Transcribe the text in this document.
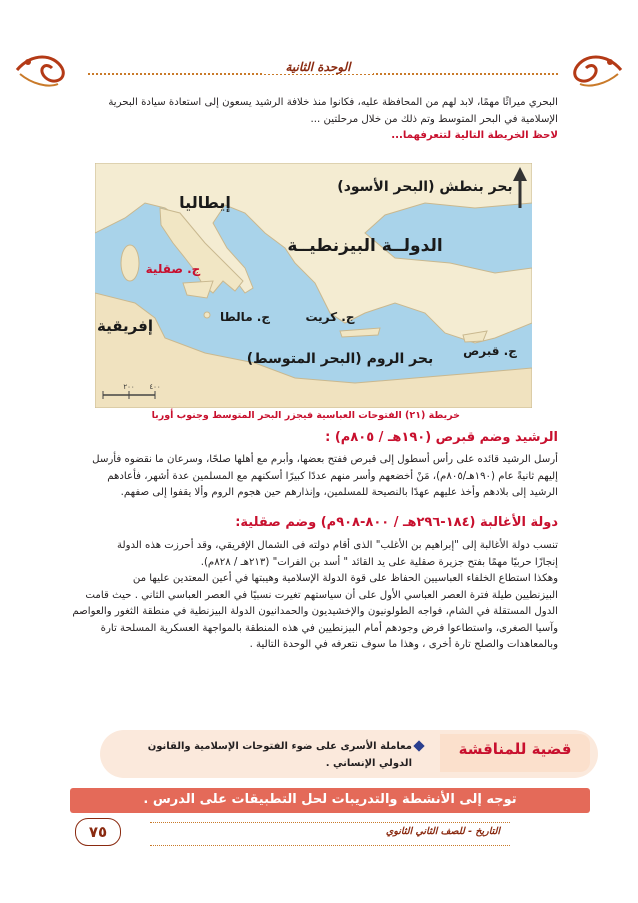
الوحدة الثانية
البحري ميراثًا مهمًا، لابد لهم من المحافظة عليه، فكانوا منذ خلافة الرشيد يسعون إلى استعادة سيادة البحرية
الإسلامية في البحر المتوسط وتم ذلك من خلال مرحلتين ...
لاحظ الخريطة التالية لتتعرفهما...
٢٠٠ ٤٠٠
بحر بنطش (البحر الأسود)
إيطاليا
الدولــة البيزنطيــة
ج. صقلية
ج. مالطا	ج. كريت
ج. قبرص
إفريقية
بحر الروم (البحر المتوسط)
خريطة (٢١) الفتوحات العباسية فيجزر البحر المتوسط وجنوب أوربا
الرشيد وضم قبرص (١٩٠هـ / ٨٠٥م) :
أرسل الرشيد قائده على رأس أسطول إلى قبرص ففتح بعضها، وأبرم مع أهلها صلحًا، وسرعان ما نقضوه فأرسل
إليهم ثانيةً عام (١٩٠هـ/٨٠٥م)، مَنْ أخضعهم وأسر منهم عددًا كبيرًا أسكنهم مع المسلمين عدة أشهر، فأعادهم
الرشيد إلى بلادهم وأخذ عليهم عهدًا بالنصيحة للمسلمين، وإنذارهم حين هجوم الروم وألا يقفوا إلى صفهم.
دولة الأغالبة (١٨٤-٢٩٦هـ / ٨٠٠-٩٠٨م) وضم صقلية:
تنسب دولة الأغالبة إلى "إبراهيم بن الأغلب" الذى أقام دولته فى الشمال الإفريقي، وقد أحرزت هذه الدولة
إنجازًا حربيًا مهمًا بفتح جزيرة صقلية على يد القائد " أسد بن الفرات" (٢١٣هـ / ٨٢٨م).
وهكذا استطاع الخلفاء العباسيين الحفاظ على قوة الدولة الإسلامية وهيبتها في أعين المعتدين عليها من
البيزنطيين طيلة فترة العصر العباسي الأول على أن سياستهم تغيرت نسبيًا في العصر العباسي الثاني . حيث قامت
الدول المستقلة في الشام، فواجه الطولونيون والإخشيديون والحمدانيون الدولة البيزنطية في منطقة الثغور والعواصم
وآسيا الصغرى، واستطاعوا فرض وجودهم أمام البيزنطيين في هذه المنطقة بالمواجهة العسكرية المسلحة تارة
وبالمعاهدات والصلح تارة أخرى ، وهذا ما سوف نتعرفه في الوحدة التالية .
قضية للمناقشة
معاملة الأسرى على ضوء الفتوحات الإسلامية والقانون
الدولي الإنساني .
توجه إلى الأنشطة والتدريبات لحل التطبيقات على الدرس .
التاريخ - للصف الثاني الثانوي
٧٥
